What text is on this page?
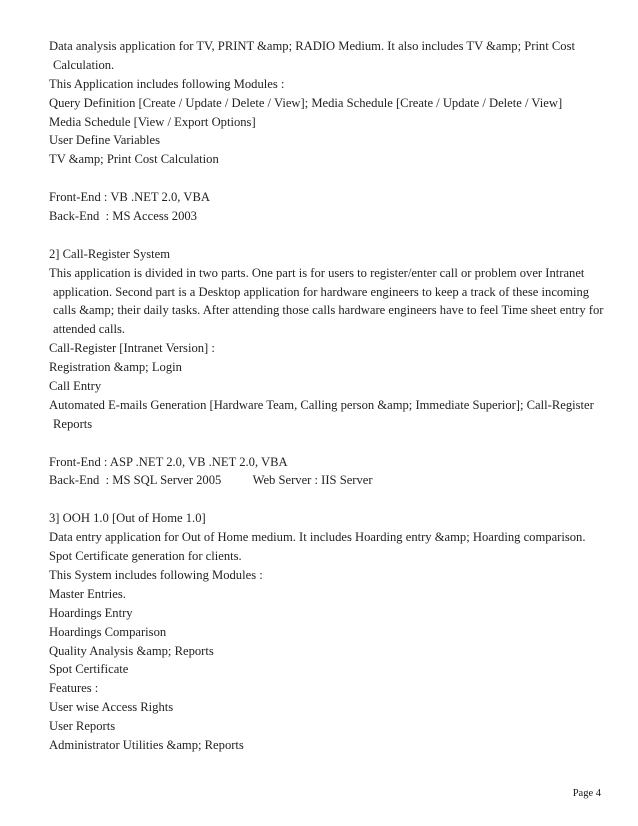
Data analysis application for TV, PRINT &amp; RADIO Medium. It also includes TV &amp; Print Cost
Calculation.
This Application includes following Modules :
Query Definition [Create / Update / Delete / View]; Media Schedule [Create / Update / Delete / View]
Media Schedule [View / Export Options]
User Define Variables
TV &amp; Print Cost Calculation
Front-End : VB .NET 2.0, VBA
Back-End  : MS Access 2003
2] Call-Register System
This application is divided in two parts. One part is for users to register/enter call or problem over Intranet
application. Second part is a Desktop application for hardware engineers to keep a track of these incoming
calls &amp; their daily tasks. After attending those calls hardware engineers have to feel Time sheet entry for
attended calls.
Call-Register [Intranet Version] :
Registration &amp; Login
Call Entry
Automated E-mails Generation [Hardware Team, Calling person &amp; Immediate Superior]; Call-Register
Reports
Front-End : ASP .NET 2.0, VB .NET 2.0, VBA
Back-End  : MS SQL Server 2005          Web Server : IIS Server
3] OOH 1.0 [Out of Home 1.0]
Data entry application for Out of Home medium. It includes Hoarding entry &amp; Hoarding comparison.
Spot Certificate generation for clients.
This System includes following Modules :
Master Entries.
Hoardings Entry
Hoardings Comparison
Quality Analysis &amp; Reports
Spot Certificate
Features :
User wise Access Rights
User Reports
Administrator Utilities &amp; Reports
Page 4
